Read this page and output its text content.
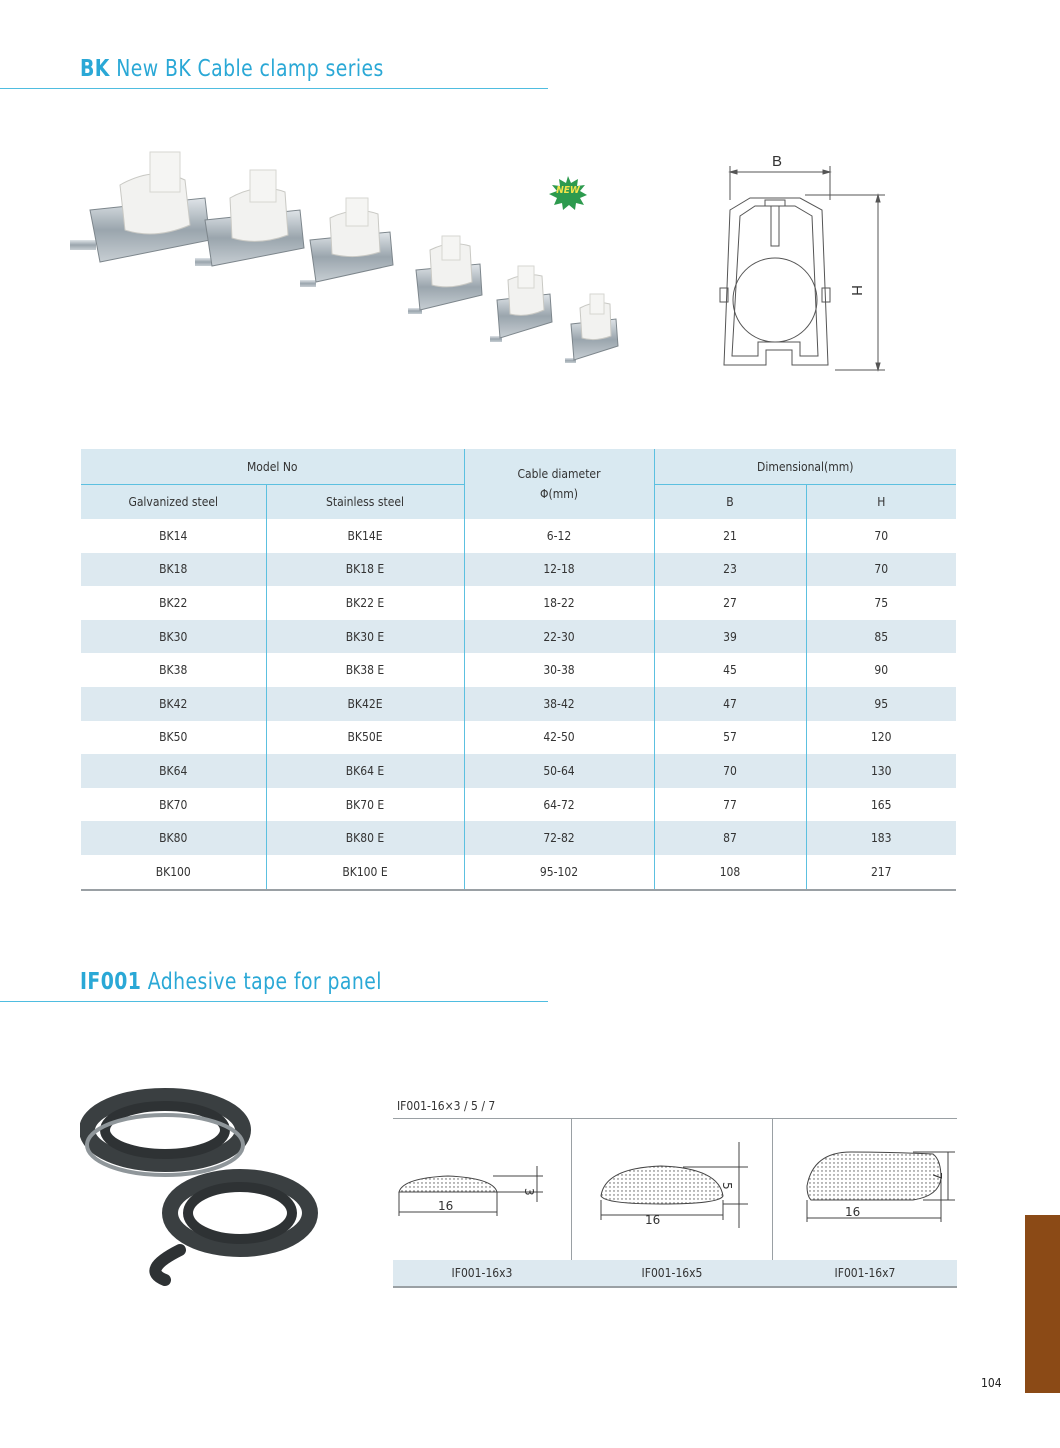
BK New BK Cable clamp series
NEW
B
H
Model No		Cable diameter
Φ(mm)	Dimensional(mm)	
Galvanized steel	Stainless steel		B	H
BK14	BK14E	6-12	21	70
BK18	BK18 E	12-18	23	70
BK22	BK22 E	18-22	27	75
BK30	BK30 E	22-30	39	85
BK38	BK38 E	30-38	45	90
BK42	BK42E	38-42	47	95
BK50	BK50E	42-50	57	120
BK64	BK64 E	50-64	70	130
BK70	BK70 E	64-72	77	165
BK80	BK80 E	72-82	87	183
BK100	BK100 E	95-102	108	217
IF001 Adhesive tape for panel
IF001-16×3 / 5 / 7
16
3
16
5
16
7
IF001-16x3	IF001-16x5	IF001-16x7
104
